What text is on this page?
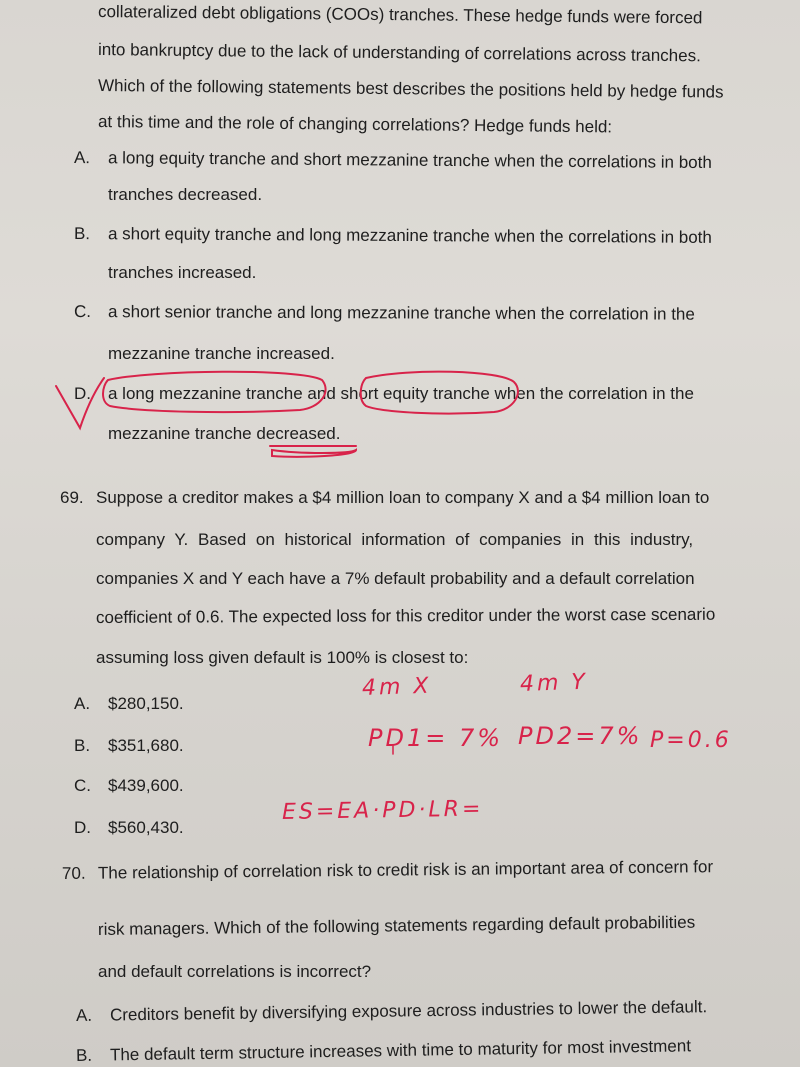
collateralized debt obligations (COOs) tranches. These hedge funds were forced
into bankruptcy due to the lack of understanding of correlations across tranches.
Which of the following statements best describes the positions held by hedge funds
at this time and the role of changing correlations? Hedge funds held:
A. a long equity tranche and short mezzanine tranche when the correlations in both
tranches decreased.
B. a short equity tranche and long mezzanine tranche when the correlations in both
tranches increased.
C. a short senior tranche and long mezzanine tranche when the correlation in the
mezzanine tranche increased.
D. a long mezzanine tranche and short equity tranche when the correlation in the
mezzanine tranche decreased.
69. Suppose a creditor makes a $4 million loan to company X and a $4 million loan to
company Y. Based on historical information of companies in this industry,
companies X and Y each have a 7% default probability and a default correlation
coefficient of 0.6. The expected loss for this creditor under the worst case scenario
assuming loss given default is 100% is closest to:
A. $280,150.
B. $351,680.
C. $439,600.
D. $560,430.
4m X	4m Y
PD1= 7% PD2=7% P=0.6
ES=EA·PD·LR=
70. The relationship of correlation risk to credit risk is an important area of concern for
risk managers. Which of the following statements regarding default probabilities
and default correlations is incorrect?
A. Creditors benefit by diversifying exposure across industries to lower the default.
B. The default term structure increases with time to maturity for most investment
